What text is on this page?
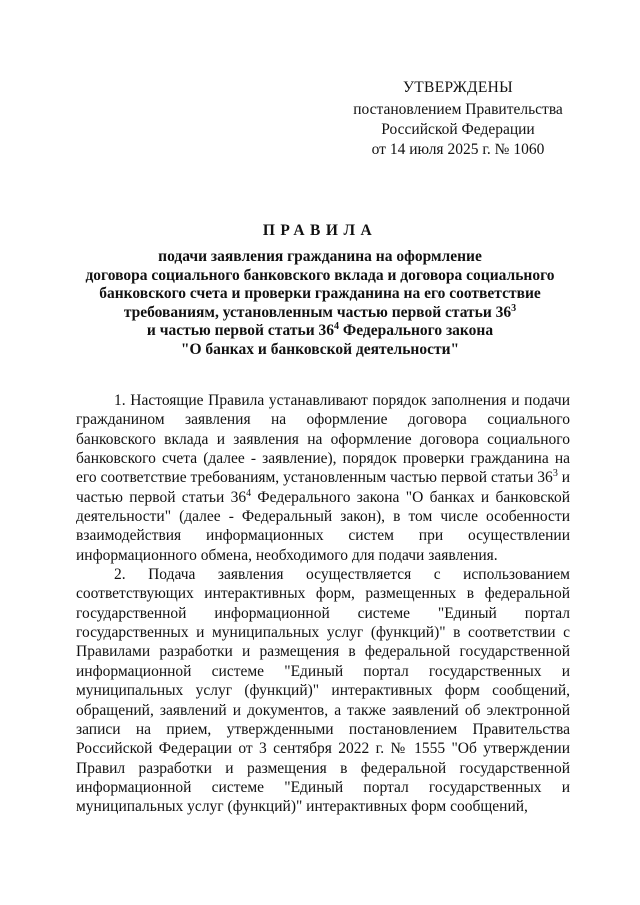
УТВЕРЖДЕНЫ
постановлением Правительства
Российской Федерации
от 14 июля 2025 г. № 1060
ПРАВИЛА
подачи заявления гражданина на оформление
договора социального банковского вклада и договора социального
банковского счета и проверки гражданина на его соответствие
требованиям, установленным частью первой статьи $36^3$
и частью первой статьи $36^4$ Федерального закона
"О банках и банковской деятельности"

1. Настоящие Правила устанавливают порядок заполнения и подачи гражданином заявления на оформление договора социального банковского вклада и заявления на оформление договора социального банковского счета (далее - заявление), порядок проверки гражданина на его соответствие требованиям, установленным частью первой статьи $36^3$ и частью первой статьи $36^4$ Федерального закона "О банках и банковской деятельности" (далее - Федеральный закон), в том числе особенности взаимодействия информационных систем при осуществлении информационного обмена, необходимого для подачи заявления.

2. Подача заявления осуществляется с использованием соответствующих интерактивных форм, размещенных в федеральной государственной информационной системе "Единый портал государственных и муниципальных услуг (функций)" в соответствии с Правилами разработки и размещения в федеральной государственной информационной системе "Единый портал государственных и муниципальных услуг (функций)" интерактивных форм сообщений, обращений, заявлений и документов, а также заявлений об электронной записи на прием, утвержденными постановлением Правительства Российской Федерации от 3 сентября 2022 г. № 1555 "Об утверждении Правил разработки и размещения в федеральной государственной информационной системе "Единый портал государственных и муниципальных услуг (функций)" интерактивных форм сообщений,
